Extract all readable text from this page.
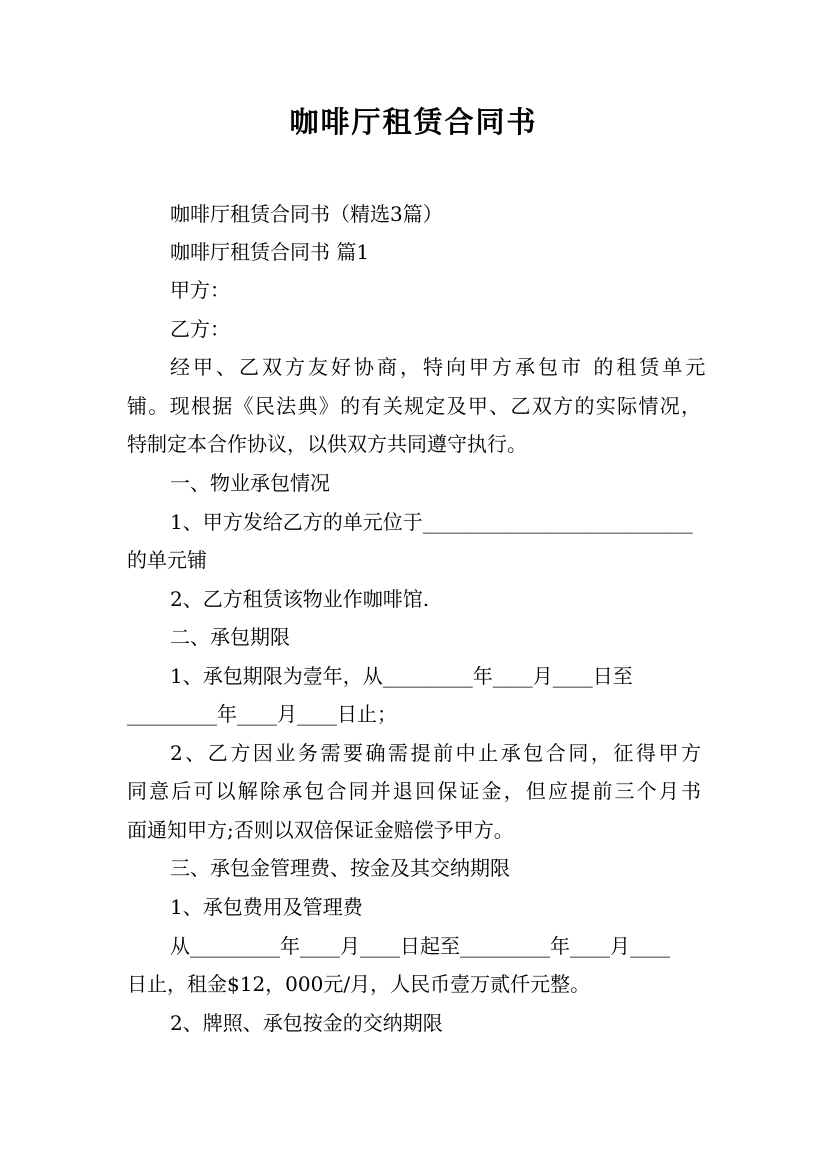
咖啡厅租赁合同书
咖啡厅租赁合同书（精选3篇）
咖啡厅租赁合同书 篇1
甲方：
乙方：
经甲、乙双方友好协商，特向甲方承包市 的租赁单元
铺。现根据《民法典》的有关规定及甲、乙双方的实际情况，
特制定本合作协议，以供双方共同遵守执行。
一、物业承包情况
1、甲方发给乙方的单元位于___________________________
的单元铺
2、乙方租赁该物业作咖啡馆.
二、承包期限
1、承包期限为壹年，从_________年____月____日至
_________年____月____日止；
2、乙方因业务需要确需提前中止承包合同，征得甲方
同意后可以解除承包合同并退回保证金，但应提前三个月书
面通知甲方;否则以双倍保证金赔偿予甲方。
三、承包金管理费、按金及其交纳期限
1、承包费用及管理费
从_________年____月____日起至_________年____月____
日止，租金$12，000元/月，人民币壹万贰仟元整。
2、牌照、承包按金的交纳期限
